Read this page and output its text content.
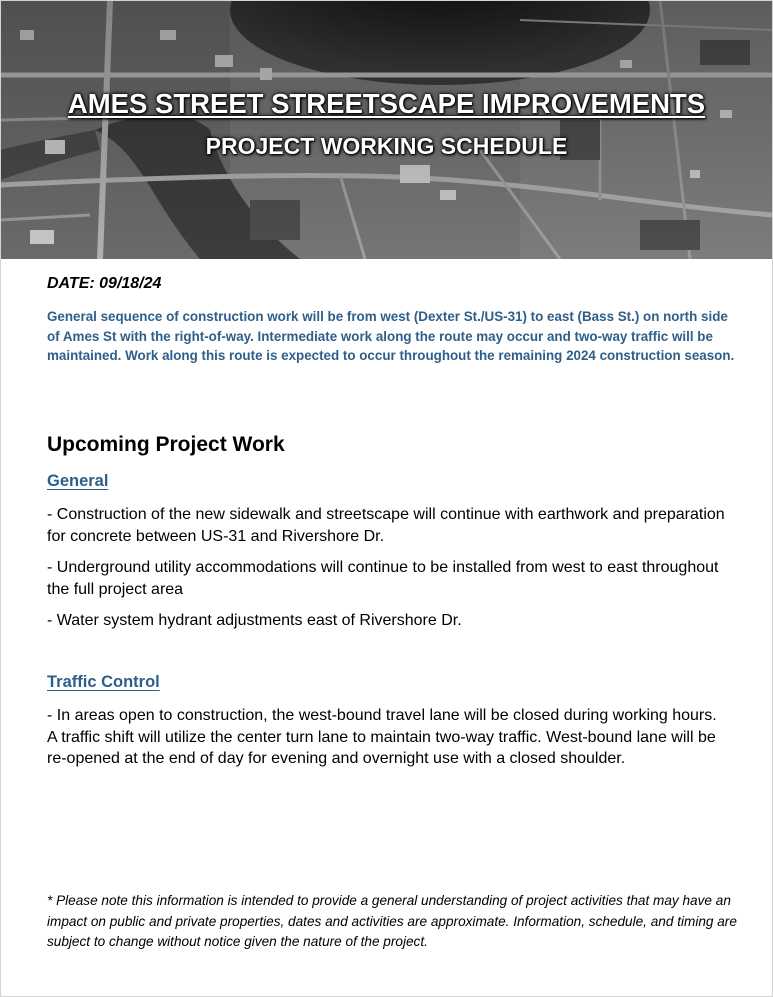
AMES STREET STREETSCAPE IMPROVEMENTS
PROJECT WORKING SCHEDULE
DATE: 09/18/24
General sequence of construction work will be from west (Dexter St./US-31) to east (Bass St.) on north side of Ames St with the right-of-way. Intermediate work along the route may occur and two-way traffic will be maintained. Work along this route is expected to occur throughout the remaining 2024 construction season.
Upcoming Project Work
General
- Construction of the new sidewalk and streetscape will continue with earthwork and preparation for concrete between US-31 and Rivershore Dr.
- Underground utility accommodations will continue to be installed from west to east throughout the full project area
- Water system hydrant adjustments east of Rivershore Dr.
Traffic Control
- In areas open to construction, the west-bound travel lane will be closed during working hours. A traffic shift will utilize the center turn lane to maintain two-way traffic. West-bound lane will be re-opened at the end of day for evening and overnight use with a closed shoulder.
* Please note this information is intended to provide a general understanding of project activities that may have an impact on public and private properties, dates and activities are approximate. Information, schedule, and timing are subject to change without notice given the nature of the project.
